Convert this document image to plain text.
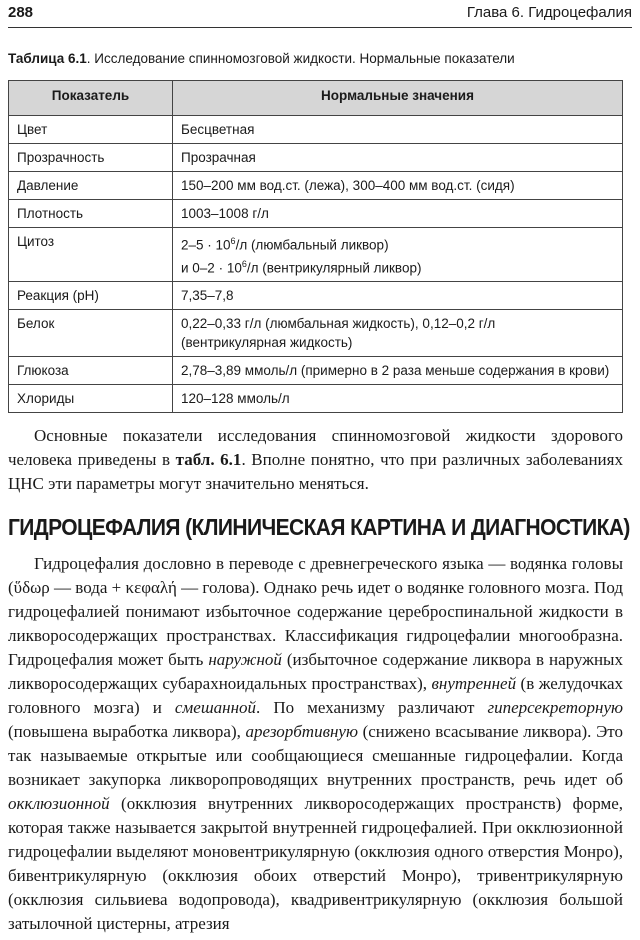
288	Глава 6. Гидроцефалия
Таблица 6.1. Исследование спинномозговой жидкости. Нормальные показатели
Показатель	Нормальные значения
Цвет	Бесцветная
Прозрачность	Прозрачная
Давление	150–200 мм вод.ст. (лежа), 300–400 мм вод.ст. (сидя)
Плотность	1003–1008 г/л
Цитоз	$2-5 \cdot 10^6/л$ (люмбальный ликвор)
и $0-2 \cdot 10^6/л$ (вентрикулярный ликвор)

Реакция (pH)	7,35–7,8
Белок	0,22–0,33 г/л (люмбальная жидкость), 0,12–0,2 г/л
(вентрикулярная жидкость)

Глюкоза	2,78–3,89 ммоль/л (примерно в 2 раза меньше содержания в крови)
Хлориды	120–128 ммоль/л

Основные показатели исследования спинномозговой жидкости здорового человека приведены в табл. 6.1. Вполне понятно, что при различных заболеваниях ЦНС эти параметры могут значительно меняться.

ГИДРОЦЕФАЛИЯ (КЛИНИЧЕСКАЯ КАРТИНА И ДИАГНОСТИКА)

Гидроцефалия дословно в переводе с древнегреческого языка — водянка головы (ὕδωρ — вода + κεφαλή — голова). Однако речь идет о водянке головного мозга. Под гидроцефалией понимают избыточное содержание цереброспинальной жидкости в ликворосодержащих пространствах. Классификация гидроцефалии многообразна. Гидроцефалия может быть наружной (избыточное содержание ликвора в наружных ликворосодержащих субарахноидальных пространствах), внутренней (в желудочках головного мозга) и смешанной. По механизму различают гиперсекреторную (повышена выработка ликвора), арезорбтивную (снижено всасывание ликвора). Это так называемые открытые или сообщающиеся смешанные гидроцефалии. Когда возникает закупорка ликворопроводящих внутренних пространств, речь идет об окклюзионной (окклюзия внутренних ликворосодержащих пространств) форме, которая также называется закрытой внутренней гидроцефалией. При окклюзионной гидроцефалии выделяют моновентрикулярную (окклюзия одного отверстия Монро), бивентрикулярную (окклюзия обоих отверстий Монро), тривентрикулярную (окклюзия сильвиева водопровода), квадривентрикулярную (окклюзия большой затылочной цистерны, атрезия
